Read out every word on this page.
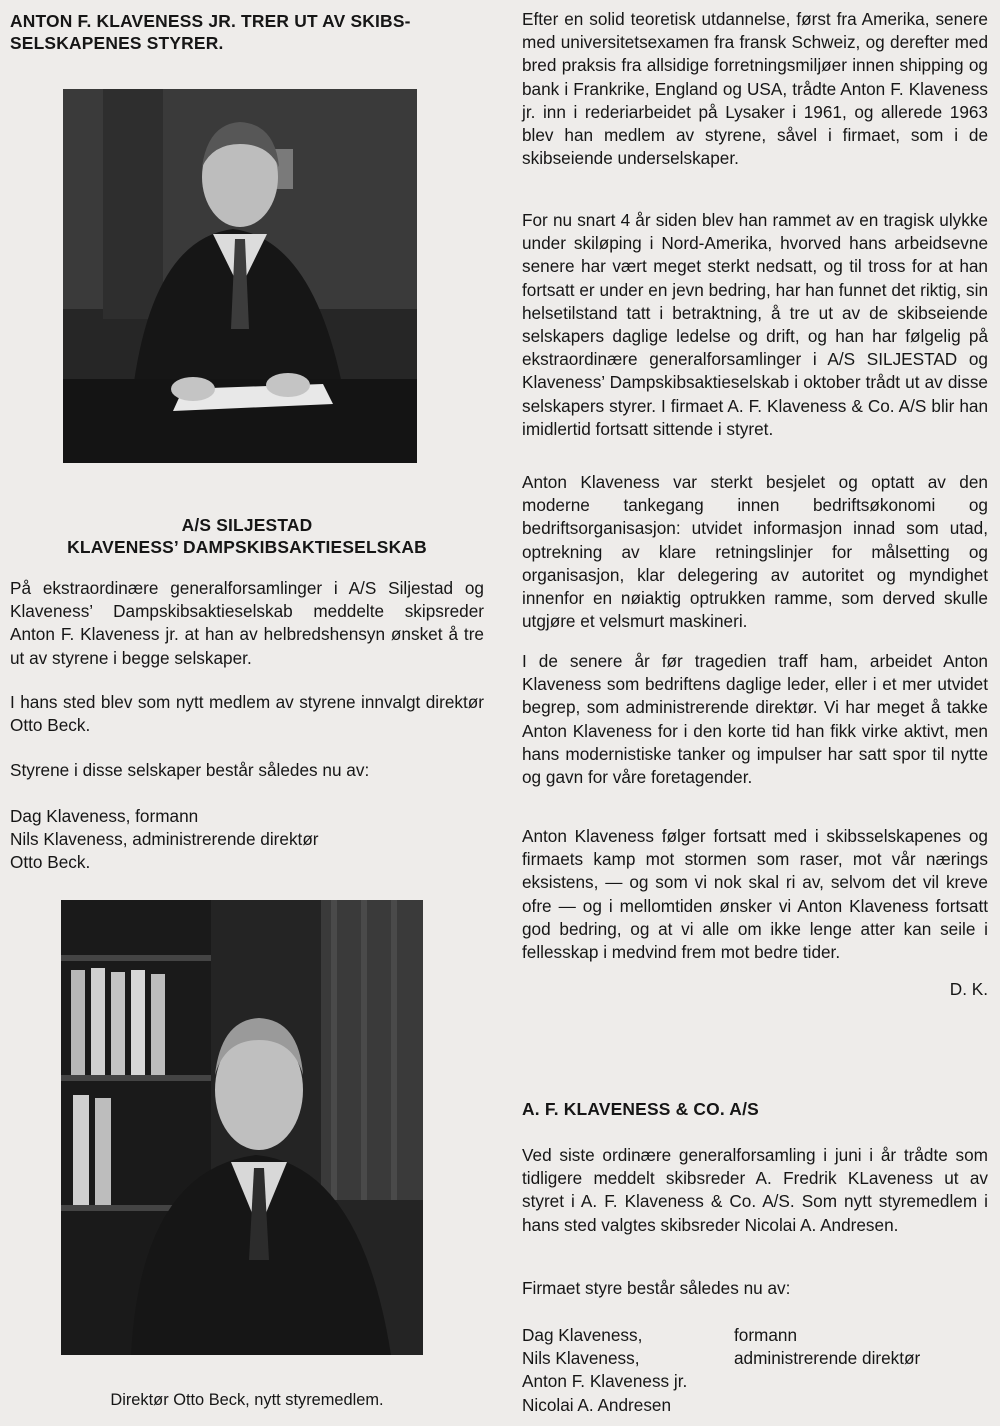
ANTON F. KLAVENESS JR. TRER UT AV SKIBS-SELSKAPENES STYRER.
A/S SILJESTAD
KLAVENESS’ DAMPSKIBSAKTIESELSKAB

På ekstraordinære generalforsamlinger i A/S Siljestad og Klaveness’ Dampskibsaktieselskab meddelte skipsreder Anton F. Klaveness jr. at han av helbredshensyn ønsket å tre ut av styrene i begge selskaper.

I hans sted blev som nytt medlem av styrene innvalgt direktør Otto Beck.

Styrene i disse selskaper består således nu av:

Dag Klaveness, formann
Nils Klaveness, administrerende direktør
Otto Beck.
Direktør Otto Beck, nytt styremedlem.

Efter en solid teoretisk utdannelse, først fra Amerika, senere med universitetsexamen fra fransk Schweiz, og derefter med bred praksis fra allsidige forretningsmiljøer innen shipping og bank i Frankrike, England og USA, trådte Anton F. Klaveness jr. inn i rederiarbeidet på Lysaker i 1961, og allerede 1963 blev han medlem av styrene, såvel i firmaet, som i de skibseiende underselskaper.

For nu snart 4 år siden blev han rammet av en tragisk ulykke under skiløping i Nord-Amerika, hvorved hans arbeidsevne senere har vært meget sterkt nedsatt, og til tross for at han fortsatt er under en jevn bedring, har han funnet det riktig, sin helsetilstand tatt i betraktning, å tre ut av de skibseiende selskapers daglige ledelse og drift, og han har følgelig på ekstraordinære generalforsamlinger i A/S SILJESTAD og Klaveness’ Dampskibsaktieselskab i oktober trådt ut av disse selskapers styrer. I firmaet A. F. Klaveness & Co. A/S blir han imidlertid fortsatt sittende i styret.

Anton Klaveness var sterkt besjelet og optatt av den moderne tankegang innen bedriftsøkonomi og bedriftsorganisasjon: utvidet informasjon innad som utad, optrekning av klare retningslinjer for målsetting og organisasjon, klar delegering av autoritet og myndighet innenfor en nøiaktig optrukken ramme, som derved skulle utgjøre et velsmurt maskineri.

I de senere år før tragedien traff ham, arbeidet Anton Klaveness som bedriftens daglige leder, eller i et mer utvidet begrep, som administrerende direktør. Vi har meget å takke Anton Klaveness for i den korte tid han fikk virke aktivt, men hans modernistiske tanker og impulser har satt spor til nytte og gavn for våre foretagender.

Anton Klaveness følger fortsatt med i skibsselskapenes og firmaets kamp mot stormen som raser, mot vår nærings eksistens, — og som vi nok skal ri av, selvom det vil kreve ofre — og i mellomtiden ønsker vi Anton Klaveness fortsatt god bedring, og at vi alle om ikke lenge atter kan seile i fellesskap i medvind frem mot bedre tider.

D. K.
A. F. KLAVENESS & CO. A/S

Ved siste ordinære generalforsamling i juni i år trådte som tidligere meddelt skibsreder A. Fredrik KLaveness ut av styret i A. F. Klaveness & Co. A/S. Som nytt styremedlem i hans sted valgtes skibsreder Nicolai A. Andresen.

Firmaet styre består således nu av:

Dag Klaveness,	formann
Nils Klaveness,	administrerende direktør
Anton F. Klaveness jr.
Nicolai A. Andresen
